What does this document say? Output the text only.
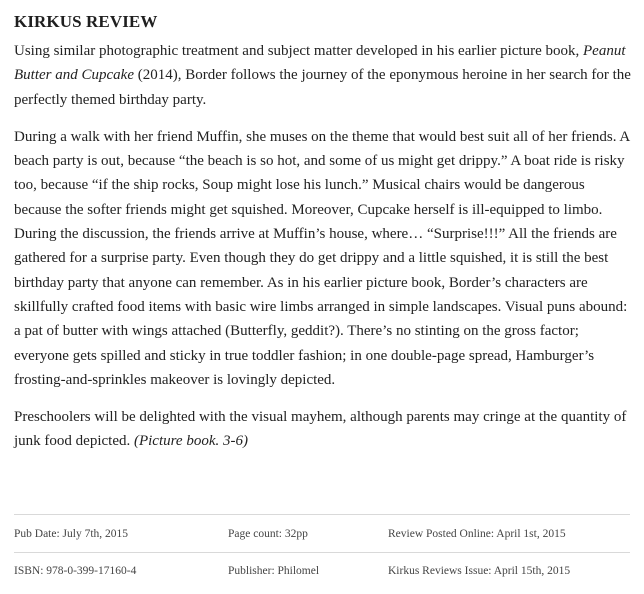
KIRKUS REVIEW

Using similar photographic treatment and subject matter developed in his earlier picture book, Peanut Butter and Cupcake (2014), Border follows the journey of the eponymous heroine in her search for the perfectly themed birthday party.

During a walk with her friend Muffin, she muses on the theme that would best suit all of her friends. A beach party is out, because “the beach is so hot, and some of us might get drippy.” A boat ride is risky too, because “if the ship rocks, Soup might lose his lunch.” Musical chairs would be dangerous because the softer friends might get squished. Moreover, Cupcake herself is ill-equipped to limbo. During the discussion, the friends arrive at Muffin’s house, where… “Surprise!!!” All the friends are gathered for a surprise party. Even though they do get drippy and a little squished, it is still the best birthday party that anyone can remember. As in his earlier picture book, Border’s characters are skillfully crafted food items with basic wire limbs arranged in simple landscapes. Visual puns abound: a pat of butter with wings attached (Butterfly, geddit?). There’s no stinting on the gross factor; everyone gets spilled and sticky in true toddler fashion; in one double-page spread, Hamburger’s frosting-and-sprinkles makeover is lovingly depicted.

Preschoolers will be delighted with the visual mayhem, although parents may cringe at the quantity of junk food depicted. (Picture book. 3-6)

Pub Date: July 7th, 2015	Page count: 32pp	Review Posted Online: April 1st, 2015
ISBN: 978-0-399-17160-4	Publisher: Philomel	Kirkus Reviews Issue: April 15th, 2015
